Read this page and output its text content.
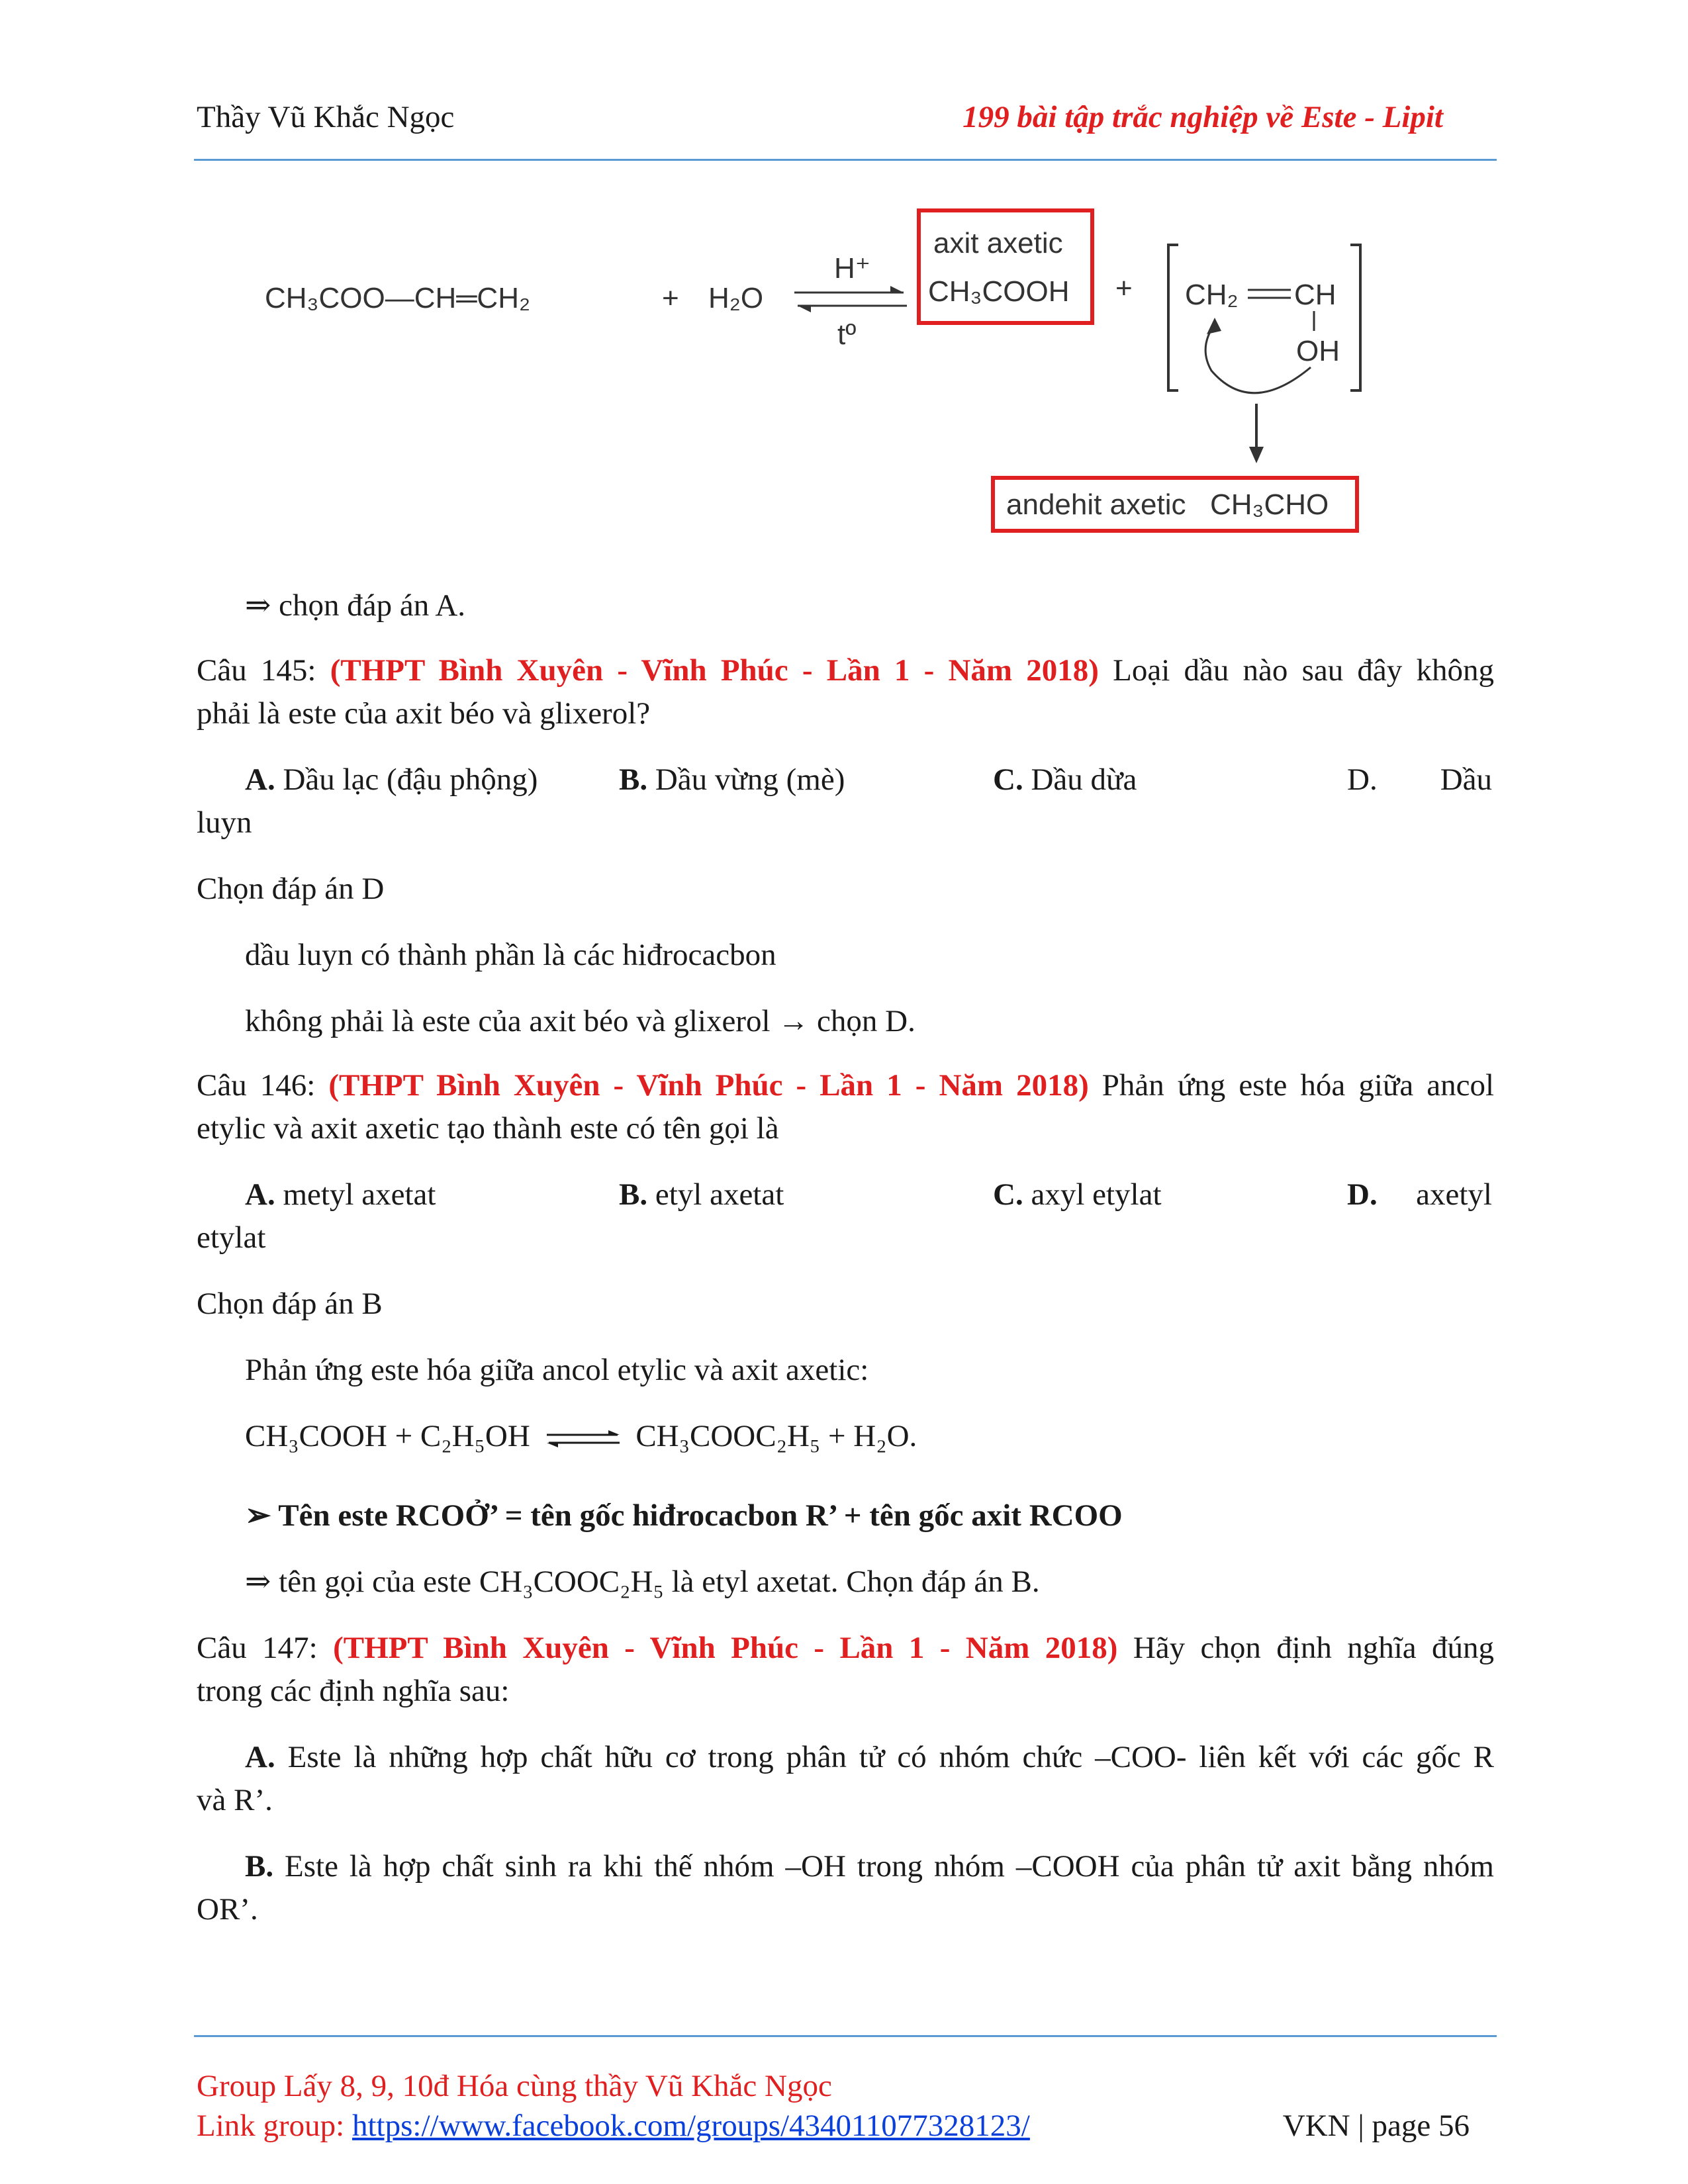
Thầy Vũ Khắc Ngọc	199 bài tập trắc nghiệp về Este - Lipit
CH₃COO—CH═CH₂	+ H₂O
H⁺
tº
axit axetic
CH₃COOH + CH₂ CH
OH
andehit axetic CH₃CHO
⇒ chọn đáp án A.
Câu 145: (THPT Bình Xuyên - Vĩnh Phúc - Lần 1 - Năm 2018) Loại dầu nào sau đây không
phải là este của axit béo và glixerol?
A. Dầu lạc (đậu phộng)	B. Dầu vừng (mè)	C. Dầu dừa	D. Dầu
luyn
Chọn đáp án D
dầu luyn có thành phần là các hiđrocacbon
không phải là este của axit béo và glixerol → chọn D.
Câu 146: (THPT Bình Xuyên - Vĩnh Phúc - Lần 1 - Năm 2018) Phản ứng este hóa giữa ancol
etylic và axit axetic tạo thành este có tên gọi là
A. metyl axetat	B. etyl axetat	C. axyl etylat	D. axetyl
etylat
Chọn đáp án B
Phản ứng este hóa giữa ancol etylic và axit axetic:
CH₃COOH + C₂H₅OH ⇌ CH₃COOC₂H₅ + H₂O.
➢ Tên este RCOỞ’ = tên gốc hiđrocacbon R’ + tên gốc axit RCOO
⇒ tên gọi của este CH₃COOC₂H₅ là etyl axetat. Chọn đáp án B.
Câu 147: (THPT Bình Xuyên - Vĩnh Phúc - Lần 1 - Năm 2018) Hãy chọn định nghĩa đúng
trong các định nghĩa sau:
A. Este là những hợp chất hữu cơ trong phân tử có nhóm chức –COO- liên kết với các gốc R
và R’.
B. Este là hợp chất sinh ra khi thế nhóm –OH trong nhóm –COOH của phân tử axit bằng nhóm
OR’.
Group Lấy 8, 9, 10đ Hóa cùng thầy Vũ Khắc Ngọc
Link group: https://www.facebook.com/groups/434011077328123/	VKN | page 56
